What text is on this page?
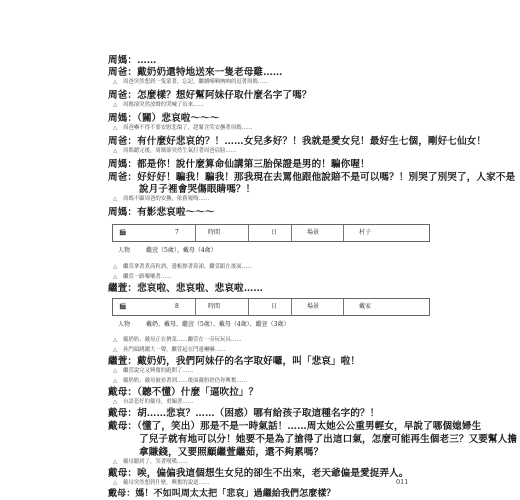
周媽：……
周爸：戴奶奶還特地送來一隻老母雞……
△ 周爸突然想到一隻蒙著，忘記，繼續喃喃吶吶的逗著周媽……
周爸：怎麼樣？想好幫阿妹仔取什麼名字了嗎？
△ 周媽卻突然放聲的哭喊了出來……
周媽：（關）悲哀啦～～～
△ 周爸嚇不得不要安慰悲傷了，趕緊含笑安撫著周媽……
周爸：有什麼好悲哀的？！……女兒多好？！我就是愛女兒！最好生七個，剛好七仙女！
△ 周媽聽完後，周媽卻突然生氣打著周爸肩膀……
周媽：都是你！說什麼算命仙講第三胎保證是男的！騙你喔！
周爸：好好好！騙我！騙我！那我現在去罵他跟他說賠不是可以嗎？！別哭了別哭了，人家不是
說月子裡會哭傷眼睛嗎？！
△ 周媽不顧周爸的安撫，依舊嚎啕……
周媽：有影悲哀啦～～～
🎬	7	時間	日	場景	村子
人物	繼萱（5歲）、戴母（4歲）
△ 繼萱拿著煮高粒酒，邊帳擦著鼻涕，繼萱跟在後面……
△ 繼萱一路嚷嚷著……
繼萱：悲哀啦、悲哀啦、悲哀啦……
🎬	8	時間	日	場景	戴家
人物	戴奶、戴母、繼萱（5歲）、戴母（4歲）、繼萱（3歲）
△ 戴奶奶、戴母正在擠菜……繼萱在一旁玩玩具……
△ 孙門頭跳躍大一聲，繼萱起在門邊嚇嚇……
繼萱：戴奶奶，我們阿妹仔的名字取好囉，叫「悲哀」啦！
△ 繼萱說完又興奮的跑開了……
△ 戴奶奶、戴母被看著到……後面戴奶奶仍你興奮……
戴母：（聽不懂）什麼「逼吹拉」？
△ 台語悲好的戴母，重編著……
戴母：胡……悲哀？……（困惑）哪有給孩子取這種名字的？！
戴母：（懂了，笑出）那是不是一時氣話！……周太她公公重男輕女，早說了哪個媳婦生
了兒子就有地可以分！她要不是為了搶得了出這口氣，怎麼可能再生個老三？又要幫人擔
拿賺錢，又要照顧繼萱繼茹，還不夠累嗎？
△ 戴母聽到了，笑著嘆嘆……
戴母：唉，偏偏我這個想生女兒的卻生不出來，老天爺偏是愛捉弄人。
△ 戴母突然想到什麼，興奮的說道……
戴母：媽！不如叫周太太把「悲哀」過繼給我們怎麼樣？
011
